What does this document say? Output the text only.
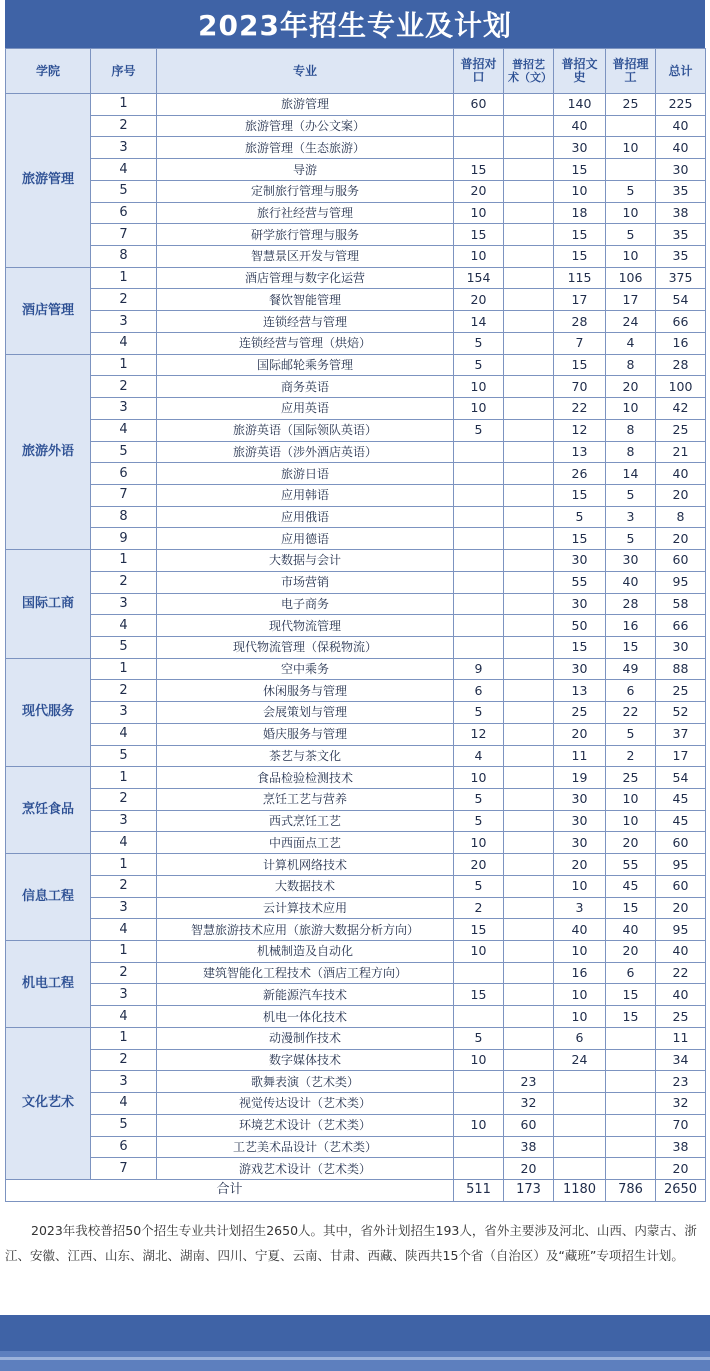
2023年招生专业及计划
学院	序号	专业	普招对口	普招艺术（文）	普招文史	普招理工	总计
旅游管理	1	旅游管理	60		140	25	225
	2	旅游管理（办公文案）			40		40
	3	旅游管理（生态旅游）			30	10	40
	4	导游	15		15		30
	5	定制旅行管理与服务	20		10	5	35
	6	旅行社经营与管理	10		18	10	38
	7	研学旅行管理与服务	15		15	5	35
	8	智慧景区开发与管理	10		15	10	35
酒店管理	1	酒店管理与数字化运营	154		115	106	375
	2	餐饮智能管理	20		17	17	54
	3	连锁经营与管理	14		28	24	66
	4	连锁经营与管理（烘焙）	5		7	4	16
旅游外语	1	国际邮轮乘务管理	5		15	8	28
	2	商务英语	10		70	20	100
	3	应用英语	10		22	10	42
	4	旅游英语（国际领队英语）	5		12	8	25
	5	旅游英语（涉外酒店英语）			13	8	21
	6	旅游日语			26	14	40
	7	应用韩语			15	5	20
	8	应用俄语			5	3	8
	9	应用德语			15	5	20
国际工商	1	大数据与会计			30	30	60
	2	市场营销			55	40	95
	3	电子商务			30	28	58
	4	现代物流管理			50	16	66
	5	现代物流管理（保税物流）			15	15	30
现代服务	1	空中乘务	9		30	49	88
	2	休闲服务与管理	6		13	6	25
	3	会展策划与管理	5		25	22	52
	4	婚庆服务与管理	12		20	5	37
	5	茶艺与茶文化	4		11	2	17
烹饪食品	1	食品检验检测技术	10		19	25	54
	2	烹饪工艺与营养	5		30	10	45
	3	西式烹饪工艺	5		30	10	45
	4	中西面点工艺	10		30	20	60
信息工程	1	计算机网络技术	20		20	55	95
	2	大数据技术	5		10	45	60
	3	云计算技术应用	2		3	15	20
	4	智慧旅游技术应用（旅游大数据分析方向）	15		40	40	95
机电工程	1	机械制造及自动化	10		10	20	40
	2	建筑智能化工程技术（酒店工程方向）			16	6	22
	3	新能源汽车技术	15		10	15	40
	4	机电一体化技术			10	15	25
文化艺术	1	动漫制作技术	5		6		11
	2	数字媒体技术	10		24		34
	3	歌舞表演（艺术类）		23			23
	4	视觉传达设计（艺术类）		32			32
	5	环境艺术设计（艺术类）	10	60			70
	6	工艺美术品设计（艺术类）		38			38
	7	游戏艺术设计（艺术类）		20			20
合计			511	173	1180	786	2650
2023年我校普招50个招生专业共计划招生2650人。其中，省外计划招生193人，省外主要涉及河北、山西、内蒙古、浙江、安徽、江西、山东、湖北、湖南、四川、宁夏、云南、甘肃、西藏、陕西共15个省（自治区）及“藏班”专项招生计划。
